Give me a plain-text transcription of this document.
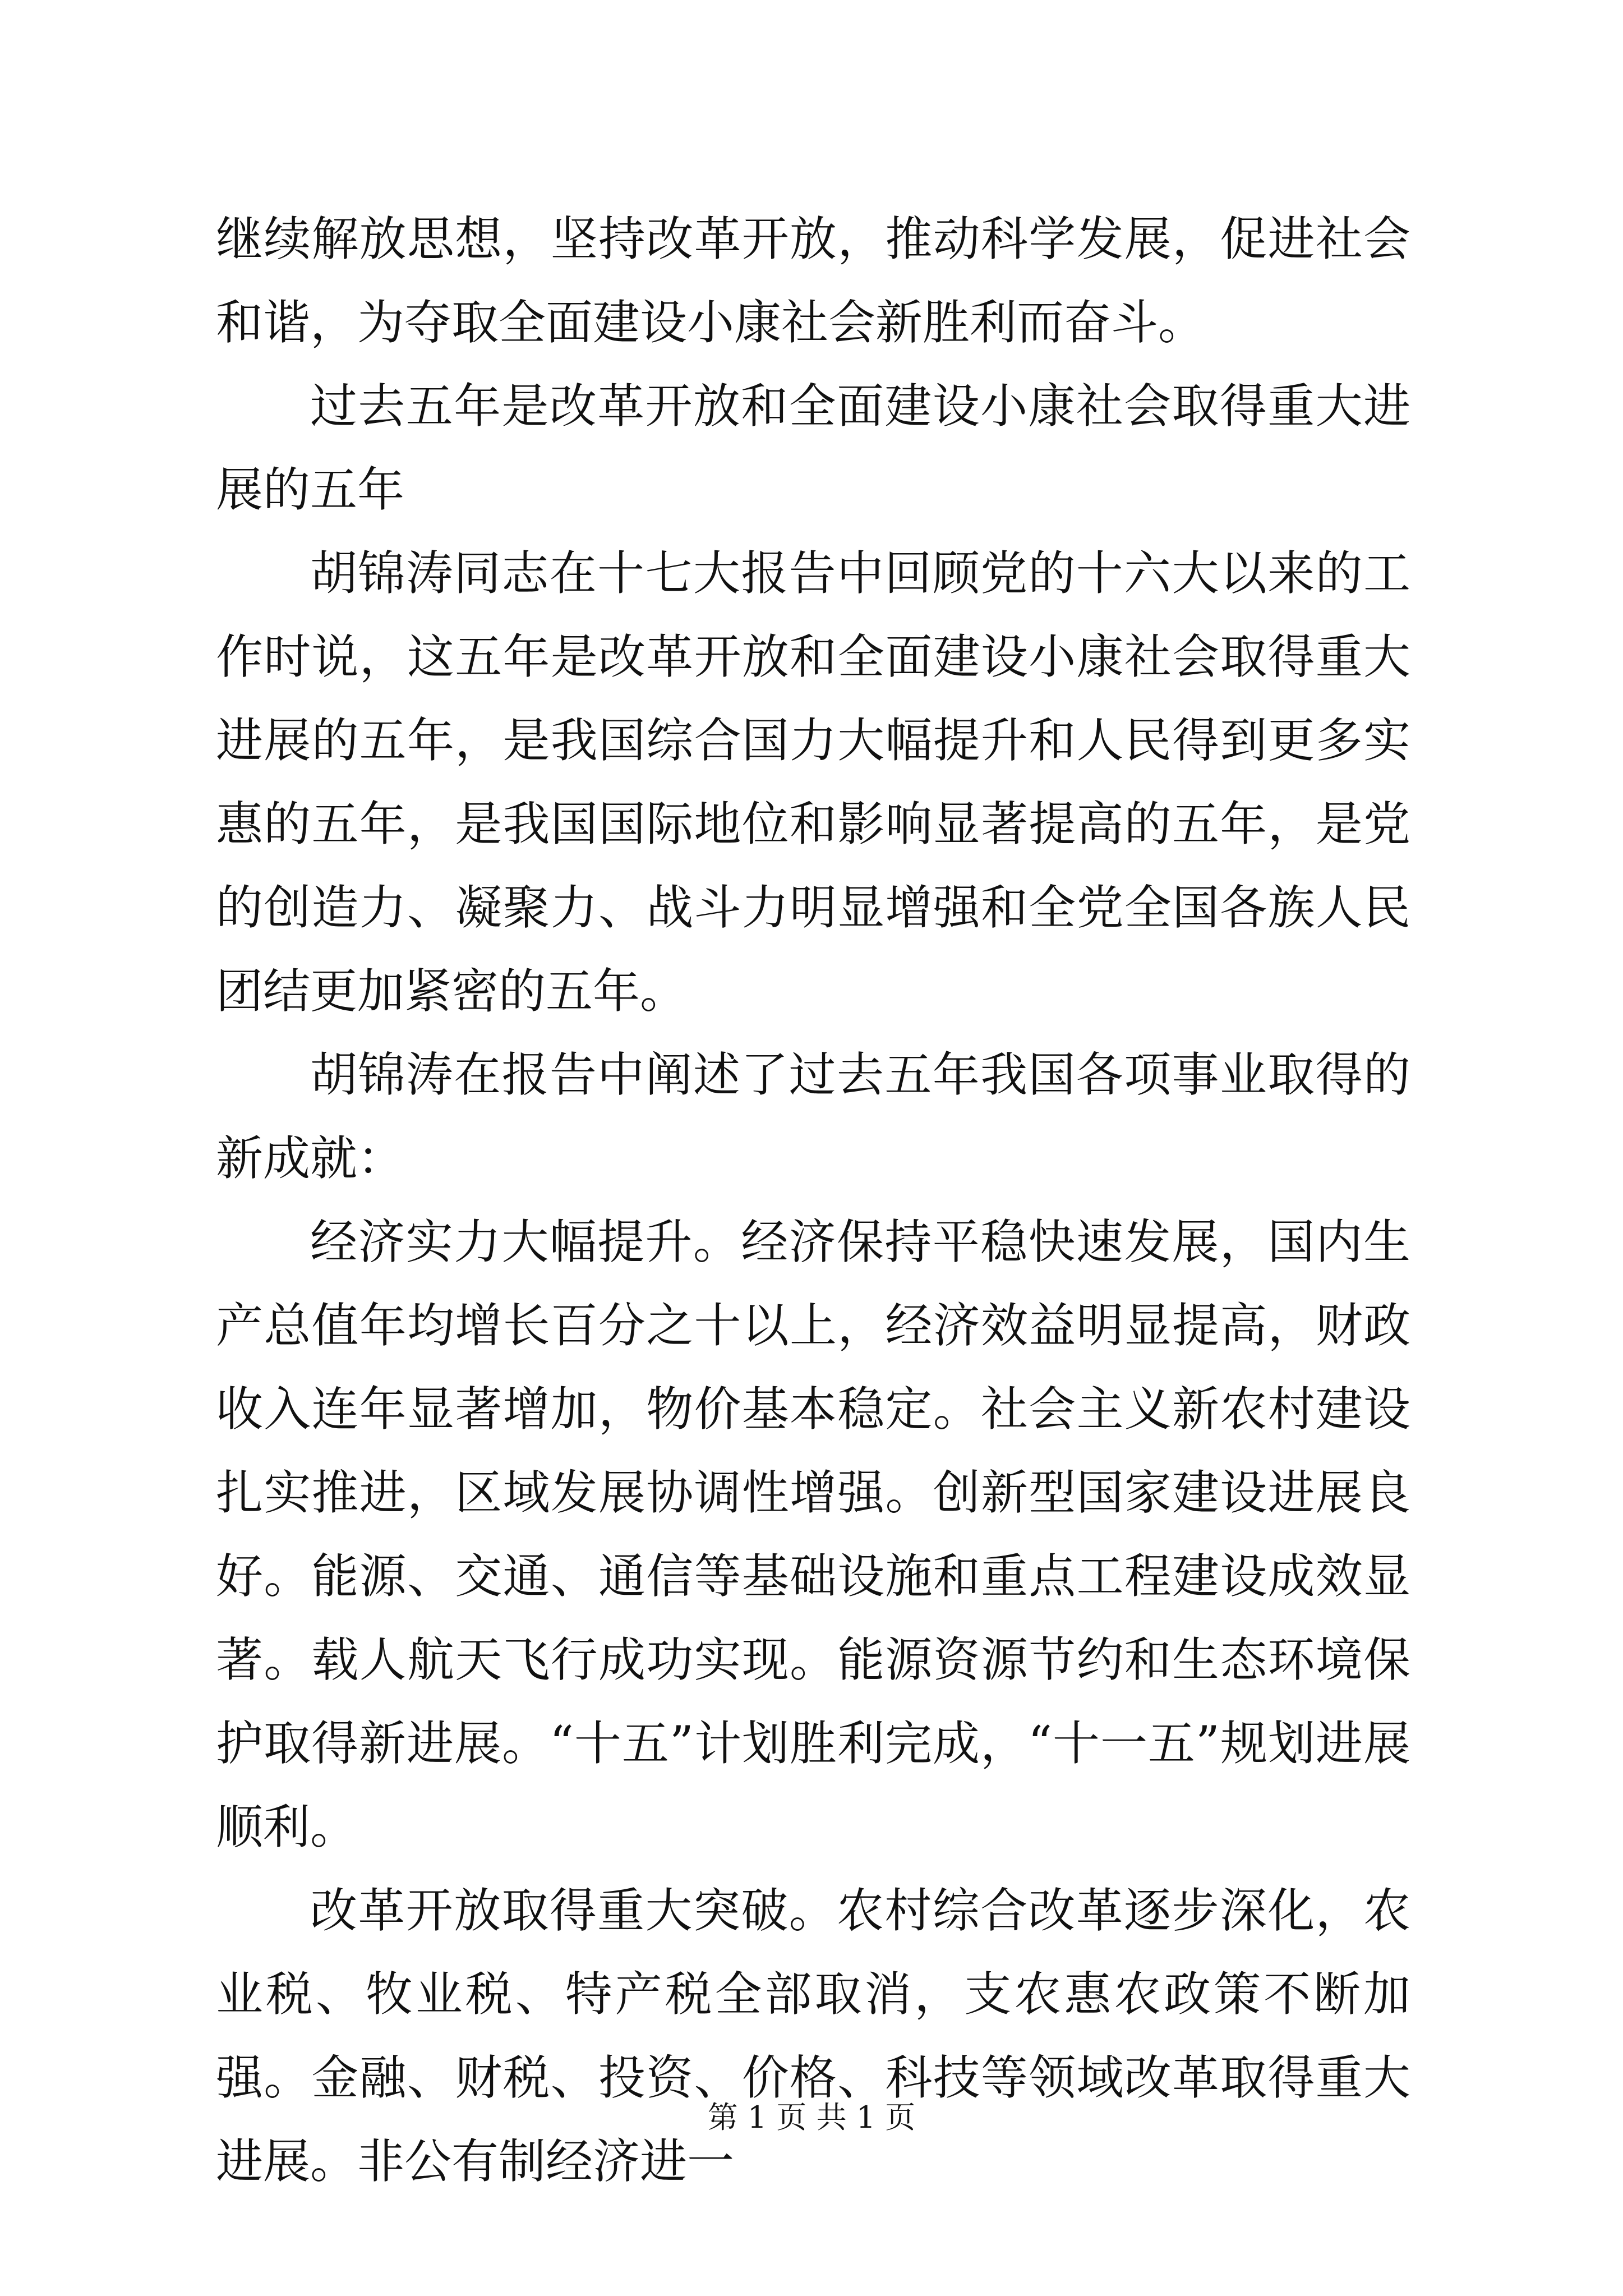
继续解放思想，坚持改革开放，推动科学发展，促进社会和谐，为夺取全面建设小康社会新胜利而奋斗。

过去五年是改革开放和全面建设小康社会取得重大进展的五年

胡锦涛同志在十七大报告中回顾党的十六大以来的工作时说，这五年是改革开放和全面建设小康社会取得重大进展的五年，是我国综合国力大幅提升和人民得到更多实惠的五年，是我国国际地位和影响显著提高的五年，是党的创造力、凝聚力、战斗力明显增强和全党全国各族人民团结更加紧密的五年。

胡锦涛在报告中阐述了过去五年我国各项事业取得的新成就：

经济实力大幅提升。经济保持平稳快速发展，国内生产总值年均增长百分之十以上，经济效益明显提高，财政收入连年显著增加，物价基本稳定。社会主义新农村建设扎实推进，区域发展协调性增强。创新型国家建设进展良好。能源、交通、通信等基础设施和重点工程建设成效显著。载人航天飞行成功实现。能源资源节约和生态环境保护取得新进展。“十五”计划胜利完成，“十一五”规划进展顺利。

改革开放取得重大突破。农村综合改革逐步深化，农业税、牧业税、特产税全部取消，支农惠农政策不断加强。金融、财税、投资、价格、科技等领域改革取得重大进展。非公有制经济进一

第 1 页 共 1 页
